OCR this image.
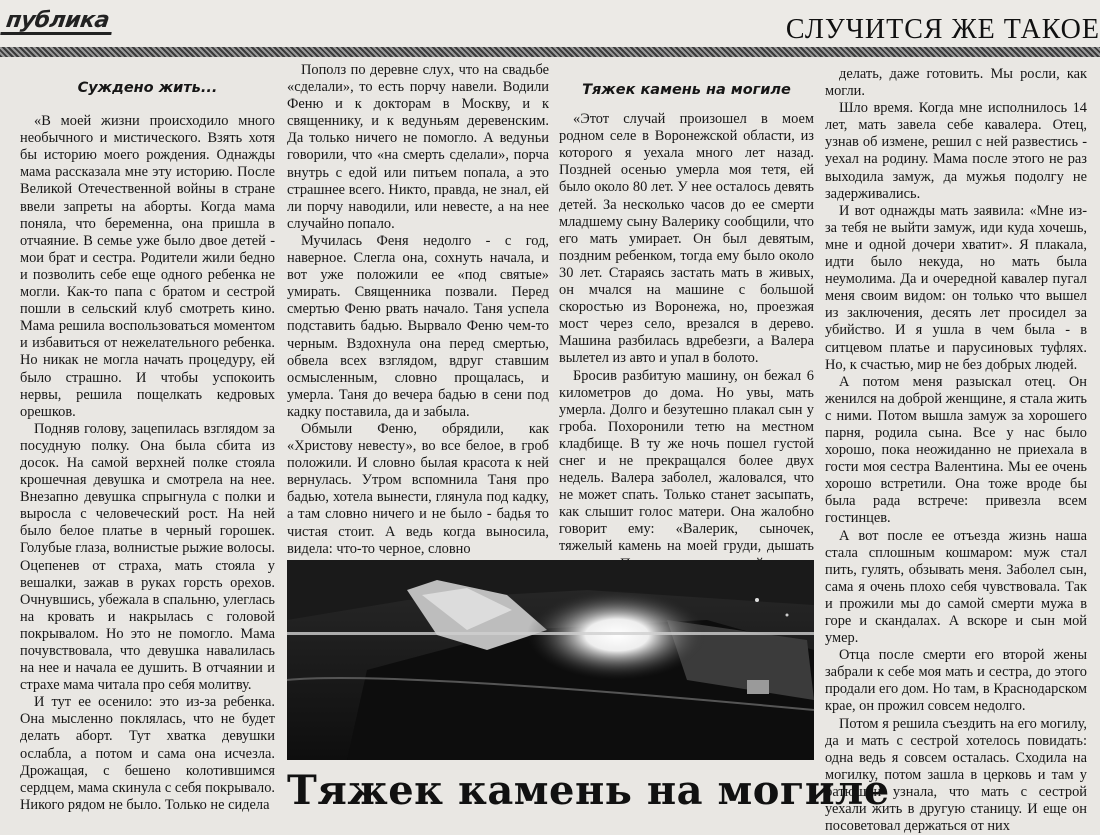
публика	СЛУЧИТСЯ ЖЕ ТАКОЕ

Суждено жить...

«В моей жизни происходило много необычного и мистического. Взять хотя бы историю моего рождения. Однажды мама рассказала мне эту историю. После Великой Отечественной войны в стране ввели запреты на аборты. Когда мама поняла, что беременна, она пришла в отчаяние. В семье уже было двое детей - мои брат и сестра. Родители жили бедно и позволить себе еще одного ребенка не могли. Как-то папа с братом и сестрой пошли в сельский клуб смотреть кино. Мама решила воспользоваться моментом и избавиться от нежелательного ребенка. Но никак не могла начать процедуру, ей было страшно. И чтобы успокоить нервы, решила пощелкать кедровых орешков.

Подняв голову, зацепилась взглядом за посудную полку. Она была сбита из досок. На самой верхней полке стояла крошечная девушка и смотрела на нее. Внезапно девушка спрыгнула с полки и выросла с человеческий рост. На ней было белое платье в черный горошек. Голубые глаза, волнистые рыжие волосы. Оцепенев от страха, мать стояла у вешалки, зажав в руках горсть орехов. Очнувшись, убежала в спальню, улеглась на кровать и накрылась с головой покрывалом. Но это не помогло. Мама почувствовала, что девушка навалилась на нее и начала ее душить. В отчаянии и страхе мама читала про себя молитву.

И тут ее осенило: это из-за ребенка. Она мысленно поклялась, что не будет делать аборт. Тут хватка девушки ослабла, а потом и сама она исчезла. Дрожащая, с бешено колотившимся сердцем, мама скинула с себя покрывало. Никого рядом не было. Только не сидела

Пополз по деревне слух, что на свадьбе «сделали», то есть порчу навели. Водили Феню и к докторам в Москву, и к священнику, и к ведуньям деревенским. Да только ничего не помогло. А ведуньи говорили, что «на смерть сделали», порча внутрь с едой или питьем попала, а это страшнее всего. Никто, правда, не знал, ей ли порчу наводили, или невесте, а на нее случайно попало.

Мучилась Феня недолго - с год, наверное. Слегла она, сохнуть начала, и вот уже положили ее «под святые» умирать. Священника позвали. Перед смертью Феню рвать начало. Таня успела подставить бадью. Вырвало Феню чем-то черным. Вздохнула она перед смертью, обвела всех взглядом, вдруг ставшим осмысленным, словно прощалась, и умерла. Таня до вечера бадью в сени под кадку поставила, да и забыла.

Обмыли Феню, обрядили, как «Христову невесту», во все белое, в гроб положили. И словно былая красота к ней вернулась. Утром вспомнила Таня про бадью, хотела вынести, глянула под кадку, а там словно ничего и не было - бадья то чистая стоит. А ведь когда выносила, видела: что-то черное, словно

Тяжек камень на могиле

«Этот случай произошел в моем родном селе в Воронежской области, из которого я уехала много лет назад. Поздней осенью умерла моя тетя, ей было около 80 лет. У нее осталось девять детей. За несколько часов до ее смерти младшему сыну Валерику сообщили, что его мать умирает. Он был девятым, поздним ребенком, тогда ему было около 30 лет. Стараясь застать мать в живых, он мчался на машине с большой скоростью из Воронежа, но, проезжая мост через село, врезался в дерево. Машина разбилась вдребезги, а Валера вылетел из авто и упал в болото.

Бросив разбитую машину, он бежал 6 километров до дома. Но увы, мать умерла. Долго и безутешно плакал сын у гроба. Похоронили тетю на местном кладбище. В ту же ночь пошел густой снег и не прекращался более двух недель. Валера заболел, жаловался, что не может спать. Только станет засыпать, как слышит голос матери. Она жалобно говорит ему: «Валерик, сыночек, тяжелый камень на моей груди, дышать

делать, даже готовить. Мы росли, как могли.

Шло время. Когда мне исполнилось 14 лет, мать завела себе кавалера. Отец, узнав об измене, решил с ней развестись - уехал на родину. Мама после этого не раз выходила замуж, да мужья подолгу не задерживались.

И вот однажды мать заявила: «Мне из-за тебя не выйти замуж, иди куда хочешь, мне и одной дочери хватит». Я плакала, идти было некуда, но мать была неумолима. Да и очередной кавалер пугал меня своим видом: он только что вышел из заключения, десять лет просидел за убийство. И я ушла в чем была - в ситцевом платье и парусиновых туфлях. Но, к счастью, мир не без добрых людей.

А потом меня разыскал отец. Он женился на доброй женщине, я стала жить с ними. Потом вышла замуж за хорошего парня, родила сына. Все у нас было хорошо, пока неожиданно не приехала в гости моя сестра Валентина. Мы ее очень хорошо встретили. Она тоже вроде бы была рада встрече: привезла всем гостинцев.

А вот после ее отъезда жизнь наша стала сплошным кошмаром: муж стал пить, гулять, обзывать меня. Заболел сын, сама я очень плохо себя чувствовала. Так и прожили мы до самой смерти мужа в горе и скандалах. А вскоре и сын мой умер.

Отца после смерти его второй жены забрали к себе моя мать и сестра, до этого продали его дом. Но там, в Краснодарском крае, он прожил совсем недолго.

Потом я решила съездить на его могилу, да и мать с сестрой хотелось повидать: одна ведь я совсем осталась. Сходила на могилку, потом зашла в церковь и там у батюшки узнала, что мать с сестрой уехали жить в другую станицу. И еще он посоветовал держаться от них

Тяжек камень на могиле
